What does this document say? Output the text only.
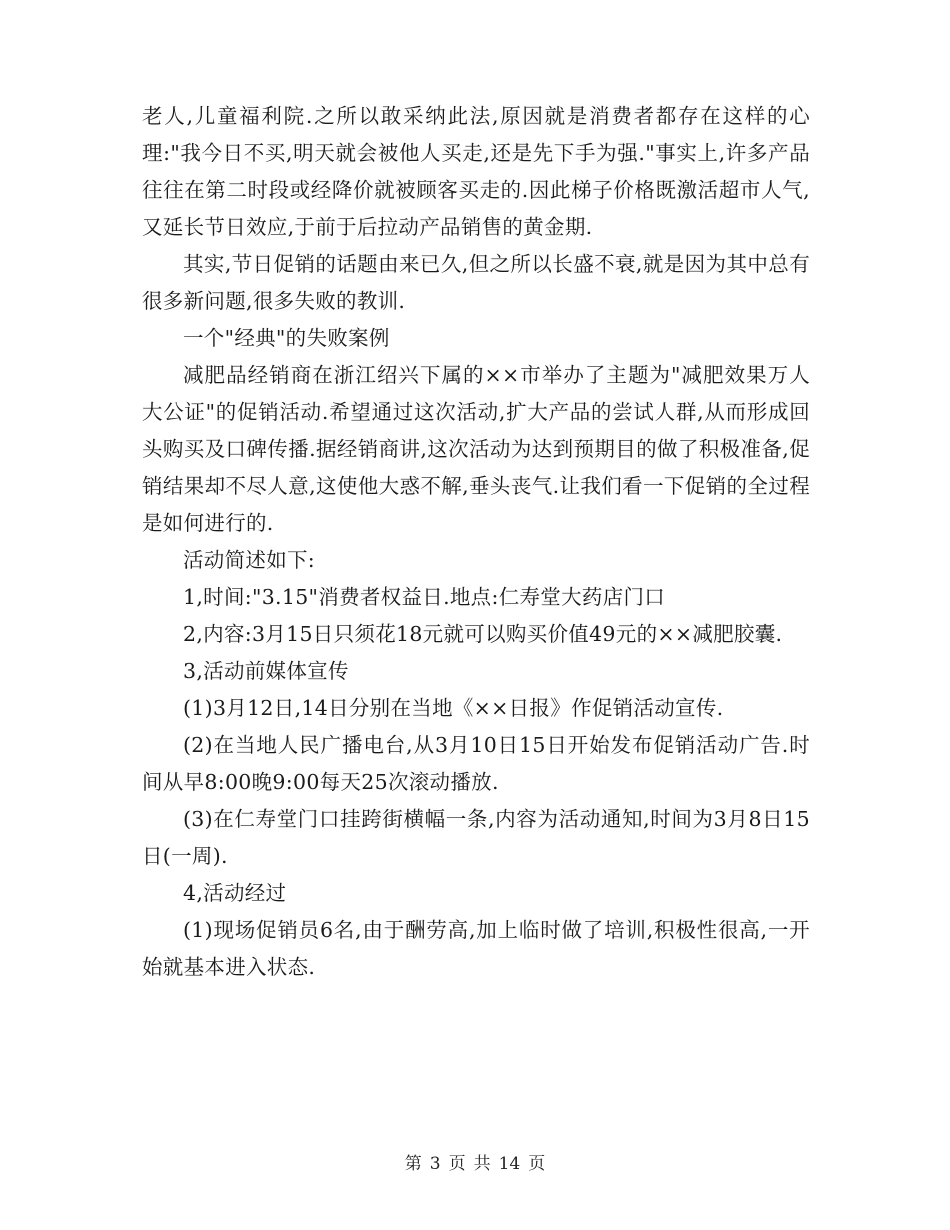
老人,儿童福利院.之所以敢采纳此法,原因就是消费者都存在这样的心理:"我今日不买,明天就会被他人买走,还是先下手为强."事实上,许多产品往往在第二时段或经降价就被顾客买走的.因此梯子价格既激活超市人气,又延长节日效应,于前于后拉动产品销售的黄金期.

其实,节日促销的话题由来已久,但之所以长盛不衰,就是因为其中总有很多新问题,很多失败的教训.

一个"经典"的失败案例

减肥品经销商在浙江绍兴下属的××市举办了主题为"减肥效果万人大公证"的促销活动.希望通过这次活动,扩大产品的尝试人群,从而形成回头购买及口碑传播.据经销商讲,这次活动为达到预期目的做了积极准备,促销结果却不尽人意,这使他大惑不解,垂头丧气.让我们看一下促销的全过程是如何进行的.

活动简述如下:

1,时间:"3.15"消费者权益日.地点:仁寿堂大药店门口

2,内容:3月15日只须花18元就可以购买价值49元的××减肥胶囊.

3,活动前媒体宣传

(1)3月12日,14日分别在当地《××日报》作促销活动宣传.

(2)在当地人民广播电台,从3月10日15日开始发布促销活动广告.时间从早8:00晚9:00每天25次滚动播放.

(3)在仁寿堂门口挂跨街横幅一条,内容为活动通知,时间为3月8日15日(一周).

4,活动经过

(1)现场促销员6名,由于酬劳高,加上临时做了培训,积极性很高,一开始就基本进入状态.

第 3 页 共 14 页
